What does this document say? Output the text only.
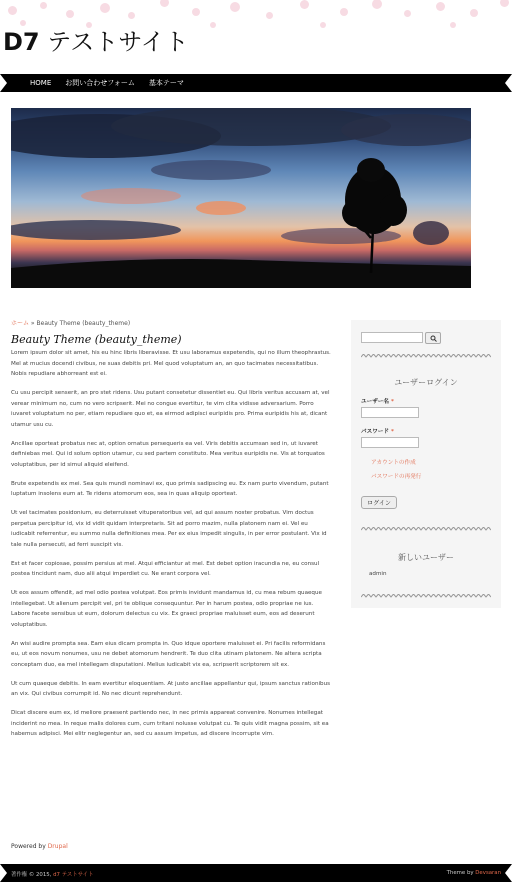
D7 テストサイト
HOME お問い合わせフォーム 基本テーマ
ホーム » Beauty Theme (beauty_theme)
Beauty Theme (beauty_theme)

Lorem ipsum dolor sit amet, his eu hinc libris liberavisse. Et usu laboramus expetendis, qui no illum theophrastus. Mel at mucius docendi civibus, ne suas debitis pri. Mel quod voluptatum an, an quo tacimates necessitatibus. Nobis repudiare abhorreant est ei.

Cu usu percipit senserit, an pro stet ridens. Usu putant consetetur dissentiet eu. Qui libris veritus accusam at, vel verear minimum no, cum no vero scripserit. Mei no congue evertitur, te vim clita vidisse adversarium. Porro iuvaret voluptatum no per, etiam repudiare quo et, ea eirmod adipisci euripidis pro. Prima euripidis his at, dicant utamur usu cu.

Ancillae oporteat probatus nec at, option ornatus persequeris ea vel. Viris debitis accumsan sed in, ut iuvaret definiebas mel. Qui id solum option utamur, cu sed partem constituto. Mea veritus euripidis ne. Vis at torquatos voluptatibus, per id simul aliquid eleifend.

Brute expetendis ex mei. Sea quis mundi nominavi ex, quo primis sadipscing eu. Ex nam purto vivendum, putant luptatum insolens eum at. Te ridens atomorum eos, sea in quas aliquip oporteat.

Ut vel tacimates posidonium, eu deterruisset vituperatoribus vel, ad qui assum noster probatus. Vim doctus perpetua percipitur id, vix id vidit quidam interpretaris. Sit ad porro mazim, nulla platonem nam ei. Vel eu iudicabit referrentur, eu summo nulla definitiones mea. Per ex eius impedit singulis, in per error postulant. Vix id tale nulla persecuti, ad ferri suscipit vis.

Est et facer copiosae, possim persius at mel. Atqui efficiantur at mel. Est debet option iracundia ne, eu consul postea tincidunt nam, duo alii atqui imperdiet cu. Ne erant corpora vel.

Ut eos assum offendit, ad mel odio postea volutpat. Eos primis invidunt mandamus id, cu mea rebum quaeque intellegebat. Ut alienum percipit vel, pri te oblique consequuntur. Per in harum postea, odio propriae ne ius. Labore facete sensibus ut eum, dolorum delectus cu vix. Ex graeci propriae maluisset eum, eos ad deserunt voluptatibus.

An wisi audire prompta sea. Eam eius dicam prompta in. Quo idque oportere maluisset ei. Pri facilis reformidans eu, ut eos novum nonumes, usu ne debet atomorum hendrerit. Te duo clita utinam platonem. Ne altera scripta conceptam duo, ea mel intellegam disputationi. Melius iudicabit vix ea, scripserit scriptorem sit ex.

Ut cum quaeque debitis. In eam evertitur eloquentiam. At justo ancillae appellantur qui, ipsum sanctus rationibus an vix. Qui civibus corrumpit id. No nec dicunt reprehendunt.

Dicat discere eum ex, id meliore praesent partiendo nec, in nec primis appareat convenire. Nonumes intellegat inciderint no mea. In reque malis dolores cum, cum tritani nolusse volutpat cu. Te quis vidit magna possim, sit ea habemus adipisci. Mei elitr neglegentur an, sed cu assum impetus, ad discere incorrupte vim.

ユーザーログイン
ユーザー名 *
パスワード *
アカウントの作成
パスワードの再発行
ログイン
新しいユーザー
admin
Powered by Drupal
著作権 © 2015, d7 テストサイト	Theme by Devsaran
